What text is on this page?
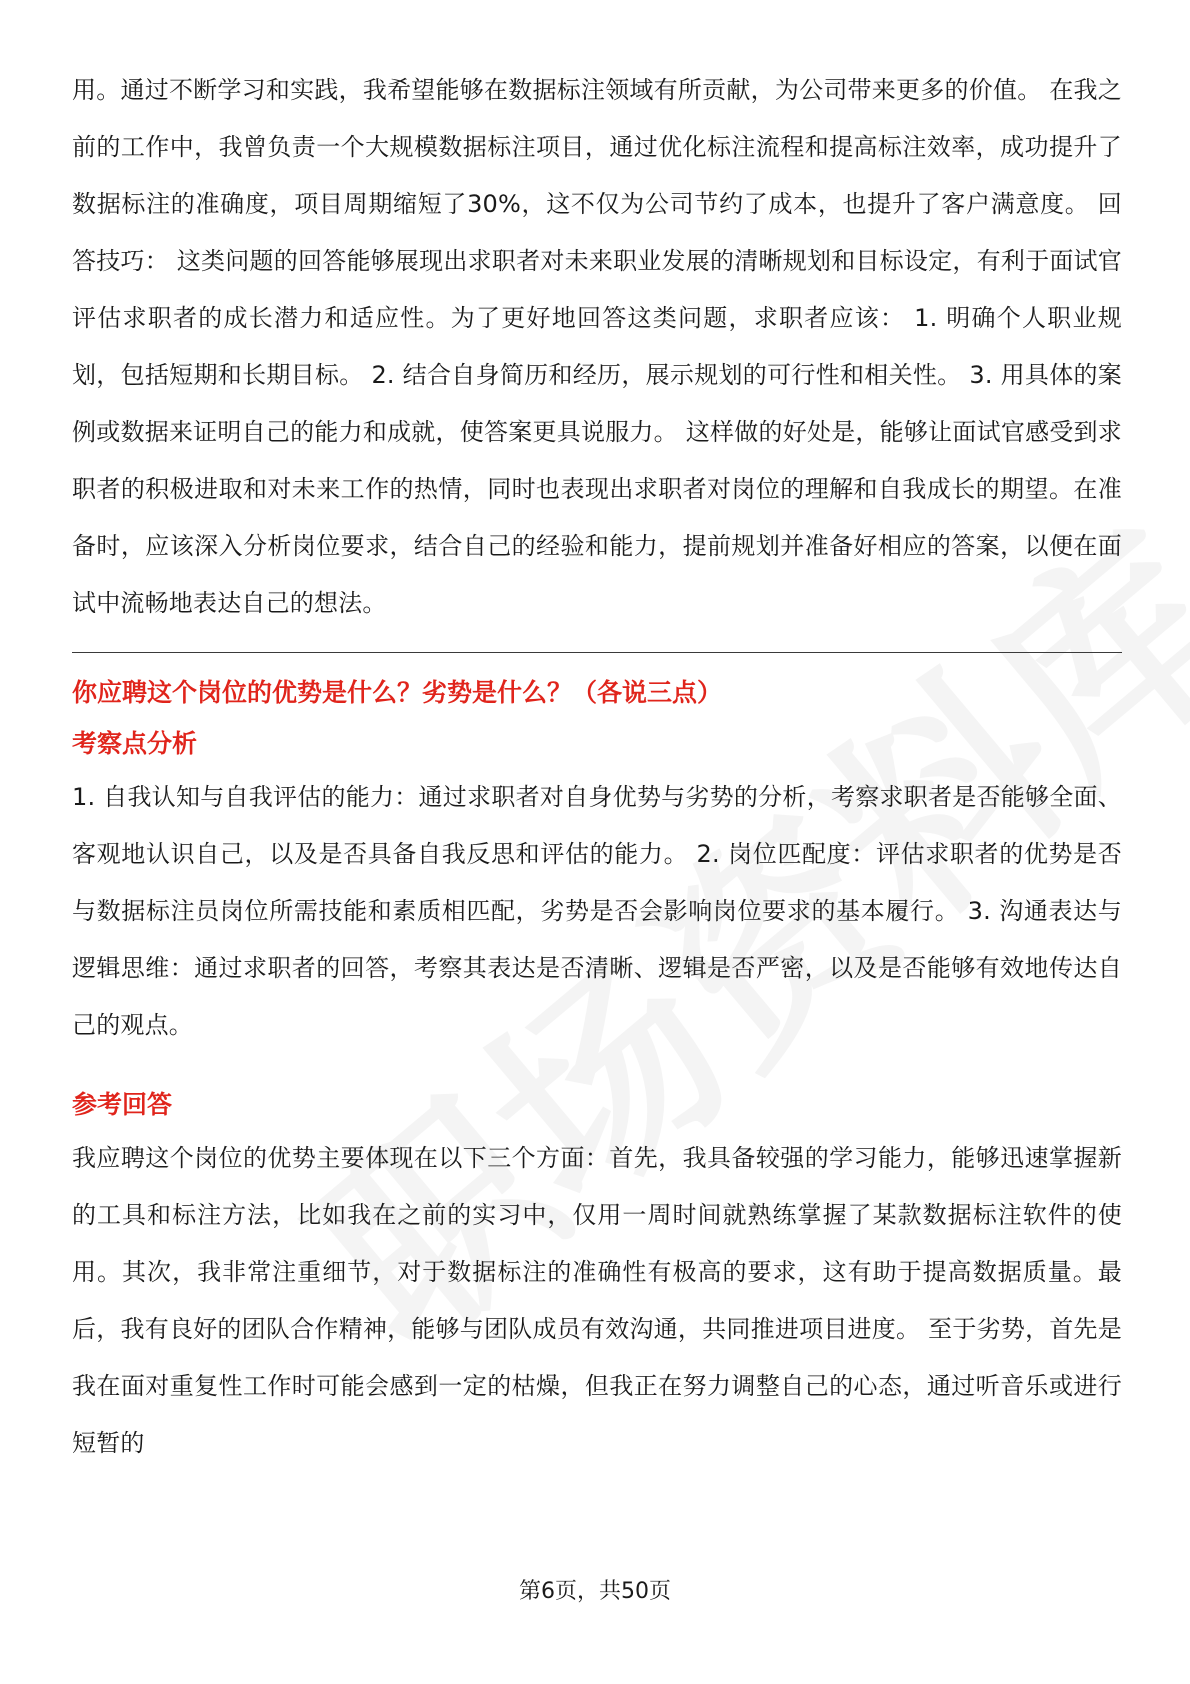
用。通过不断学习和实践，我希望能够在数据标注领域有所贡献，为公司带来更多的价值。 在我之前的工作中，我曾负责一个大规模数据标注项目，通过优化标注流程和提高标注效率，成功提升了数据标注的准确度，项目周期缩短了30%，这不仅为公司节约了成本，也提升了客户满意度。 回答技巧： 这类问题的回答能够展现出求职者对未来职业发展的清晰规划和目标设定，有利于面试官评估求职者的成长潜力和适应性。为了更好地回答这类问题，求职者应该： 1. 明确个人职业规划，包括短期和长期目标。 2. 结合自身简历和经历，展示规划的可行性和相关性。 3. 用具体的案例或数据来证明自己的能力和成就，使答案更具说服力。 这样做的好处是，能够让面试官感受到求职者的积极进取和对未来工作的热情，同时也表现出求职者对岗位的理解和自我成长的期望。在准备时，应该深入分析岗位要求，结合自己的经验和能力，提前规划并准备好相应的答案，以便在面试中流畅地表达自己的想法。

你应聘这个岗位的优势是什么？劣势是什么？（各说三点）

考察点分析

1. 自我认知与自我评估的能力：通过求职者对自身优势与劣势的分析，考察求职者是否能够全面、客观地认识自己，以及是否具备自我反思和评估的能力。 2. 岗位匹配度：评估求职者的优势是否与数据标注员岗位所需技能和素质相匹配，劣势是否会影响岗位要求的基本履行。 3. 沟通表达与逻辑思维：通过求职者的回答，考察其表达是否清晰、逻辑是否严密，以及是否能够有效地传达自己的观点。

参考回答

我应聘这个岗位的优势主要体现在以下三个方面：首先，我具备较强的学习能力，能够迅速掌握新的工具和标注方法，比如我在之前的实习中，仅用一周时间就熟练掌握了某款数据标注软件的使用。其次，我非常注重细节，对于数据标注的准确性有极高的要求，这有助于提高数据质量。最后，我有良好的团队合作精神，能够与团队成员有效沟通，共同推进项目进度。 至于劣势，首先是我在面对重复性工作时可能会感到一定的枯燥，但我正在努力调整自己的心态，通过听音乐或进行短暂的

第6页，共50页
